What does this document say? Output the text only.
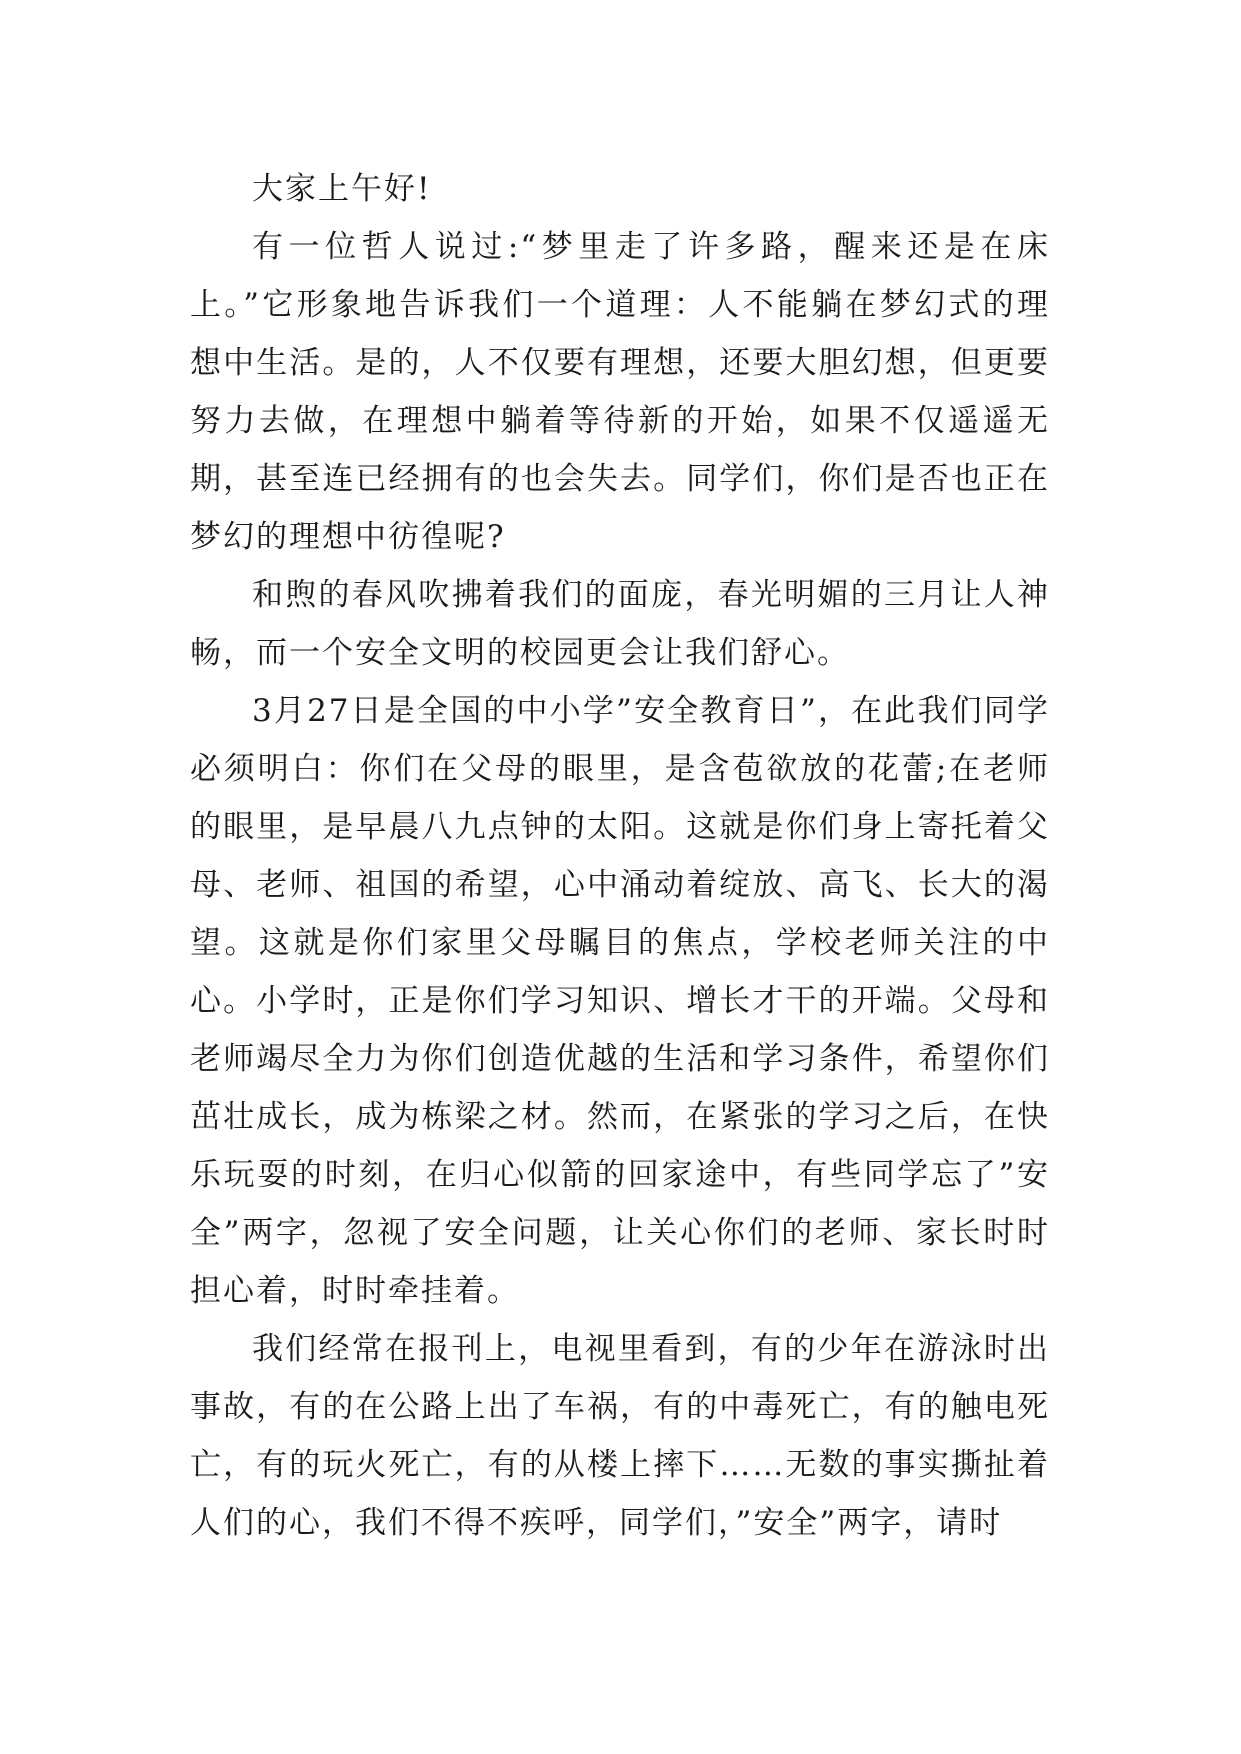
大家上午好!

有一位哲人说过:“梦里走了许多路，醒来还是在床上。”它形象地告诉我们一个道理：人不能躺在梦幻式的理想中生活。是的，人不仅要有理想，还要大胆幻想，但更要努力去做，在理想中躺着等待新的开始，如果不仅遥遥无期，甚至连已经拥有的也会失去。同学们，你们是否也正在梦幻的理想中彷徨呢?

和煦的春风吹拂着我们的面庞，春光明媚的三月让人神畅，而一个安全文明的校园更会让我们舒心。

3月27日是全国的中小学”安全教育日”，在此我们同学必须明白：你们在父母的眼里，是含苞欲放的花蕾;在老师的眼里，是早晨八九点钟的太阳。这就是你们身上寄托着父母、老师、祖国的希望，心中涌动着绽放、高飞、长大的渴望。这就是你们家里父母瞩目的焦点，学校老师关注的中心。小学时，正是你们学习知识、增长才干的开端。父母和老师竭尽全力为你们创造优越的生活和学习条件，希望你们茁壮成长，成为栋梁之材。然而，在紧张的学习之后，在快乐玩耍的时刻，在归心似箭的回家途中，有些同学忘了”安全”两字，忽视了安全问题，让关心你们的老师、家长时时担心着，时时牵挂着。

我们经常在报刊上，电视里看到，有的少年在游泳时出事故，有的在公路上出了车祸，有的中毒死亡，有的触电死亡，有的玩火死亡，有的从楼上摔下……无数的事实撕扯着人们的心，我们不得不疾呼，同学们，”安全”两字，请时
